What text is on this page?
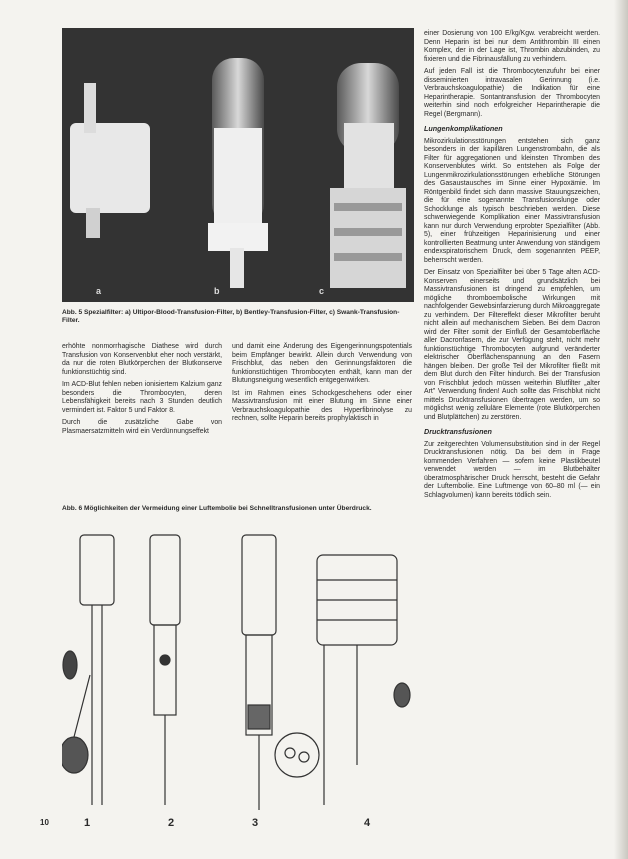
a	b	c
Abb. 5 Spezialfilter: a) Ultipor-Blood-Transfusion-Filter, b) Bentley-Transfusion-Filter, c) Swank-Transfusion-Filter.

erhöhte nonmorrhagische Diathese wird durch Transfusion von Konservenblut eher noch verstärkt, da nur die roten Blutkörperchen der Blutkonserve funktionstüchtig sind.

Im ACD-Blut fehlen neben ionisiertem Kalzium ganz besonders die Thrombocyten, deren Lebensfähigkeit bereits nach 3 Stunden deutlich vermindert ist. Faktor 5 und Faktor 8.

Durch die zusätzliche Gabe von Plasmaersatzmitteln wird ein Verdünnungseffekt

und damit eine Änderung des Eigengerinnungspotentials beim Empfänger bewirkt. Allein durch Verwendung von Frischblut, das neben den Gerinnungsfaktoren die funktionstüchtigen Thrombocyten enthält, kann man der Blutungsneigung wesentlich entgegenwirken.

Ist im Rahmen eines Schockgeschehens oder einer Massivtransfusion mit einer Blutung im Sinne einer Verbrauchskoagulopathie des Hyperfibrinolyse zu rechnen, sollte Heparin bereits prophylaktisch in

einer Dosierung von 100 E/kg/Kgw. verabreicht werden. Denn Heparin ist bei nur dem Antithrombin III einen Komplex, der in der Lage ist, Thrombin abzubinden, zu fixieren und die Fibrinausfällung zu verhindern.

Auf jeden Fall ist die Thrombocytenzufuhr bei einer disseminierten intravasalen Gerinnung (i.e. Verbrauchskoagulopathie) die Indikation für eine Heparintherapie. Sontantransfusion der Thrombocyten weiterhin sind noch erfolgreicher Heparintherapie die Regel (Bergmann).

Lungenkomplikationen

Mikrozirkulationsstörungen entstehen sich ganz besonders in der kapillären Lungenstrombahn, die als Filter für aggregationen und kleinsten Thromben des Konservenblutes wirkt. So entstehen als Folge der Lungenmikrozirkulationsstörungen erhebliche Störungen des Gasaustausches im Sinne einer Hypoxämie. Im Röntgenbild findet sich dann massive Stauungszeichen, die für eine sogenannte Transfusionslunge oder Schocklunge als typisch beschrieben werden. Diese schwerwiegende Komplikation einer Massivtransfusion kann nur durch Verwendung erprobter Spezialfilter (Abb. 5), einer frühzeitigen Heparinisierung und einer kontrollierten Beatmung unter Anwendung von ständigem endexspiratorischem Druck, dem sogenannten PEEP, beherrscht werden.

Der Einsatz von Spezialfilter bei über 5 Tage alten ACD-Konserven einerseits und grundsätzlich bei Massivtransfusionen ist dringend zu empfehlen, um mögliche thromboembolische Wirkungen mit nachfolgender Gewebsinfarzierung durch Mikroaggregate zu verhindern. Der Filtereffekt dieser Mikrofilter beruht nicht allein auf mechanischem Sieben. Bei dem Dacron wird der Filter somit der Einfluß der Gesamtoberfläche aller Dacronfasern, die zur Verfügung steht, nicht mehr funktionstüchtige Thrombocyten aufgrund veränderter elektrischer Oberflächenspannung an den Fasern hängen bleiben. Der große Teil der Mikrofilter fließt mit dem Blut durch den Filter hindurch. Bei der Transfusion von Frischblut jedoch müssen weiterhin Blutfilter „alter Art" Verwendung finden! Auch sollte das Frischblut nicht mittels Drucktransfusionen übertragen werden, um so möglichst wenig zelluläre Elemente (rote Blutkörperchen und Blutplättchen) zu zerstören.

Drucktransfusionen

Zur zeitgerechten Volumensubstitution sind in der Regel Drucktransfusionen nötig. Da bei dem in Frage kommenden Verfahren — sofern keine Plastikbeutel verwendet werden — im Blutbehälter überatmosphärischer Druck herrscht, besteht die Gefahr der Luftembolie. Eine Luftmenge von 60–80 ml (— ein Schlagvolumen) kann bereits tödlich sein.

Abb. 6 Möglichkeiten der Vermeidung einer Luftembolie bei Schnelltransfusionen unter Überdruck.
1	2	3	4
10
